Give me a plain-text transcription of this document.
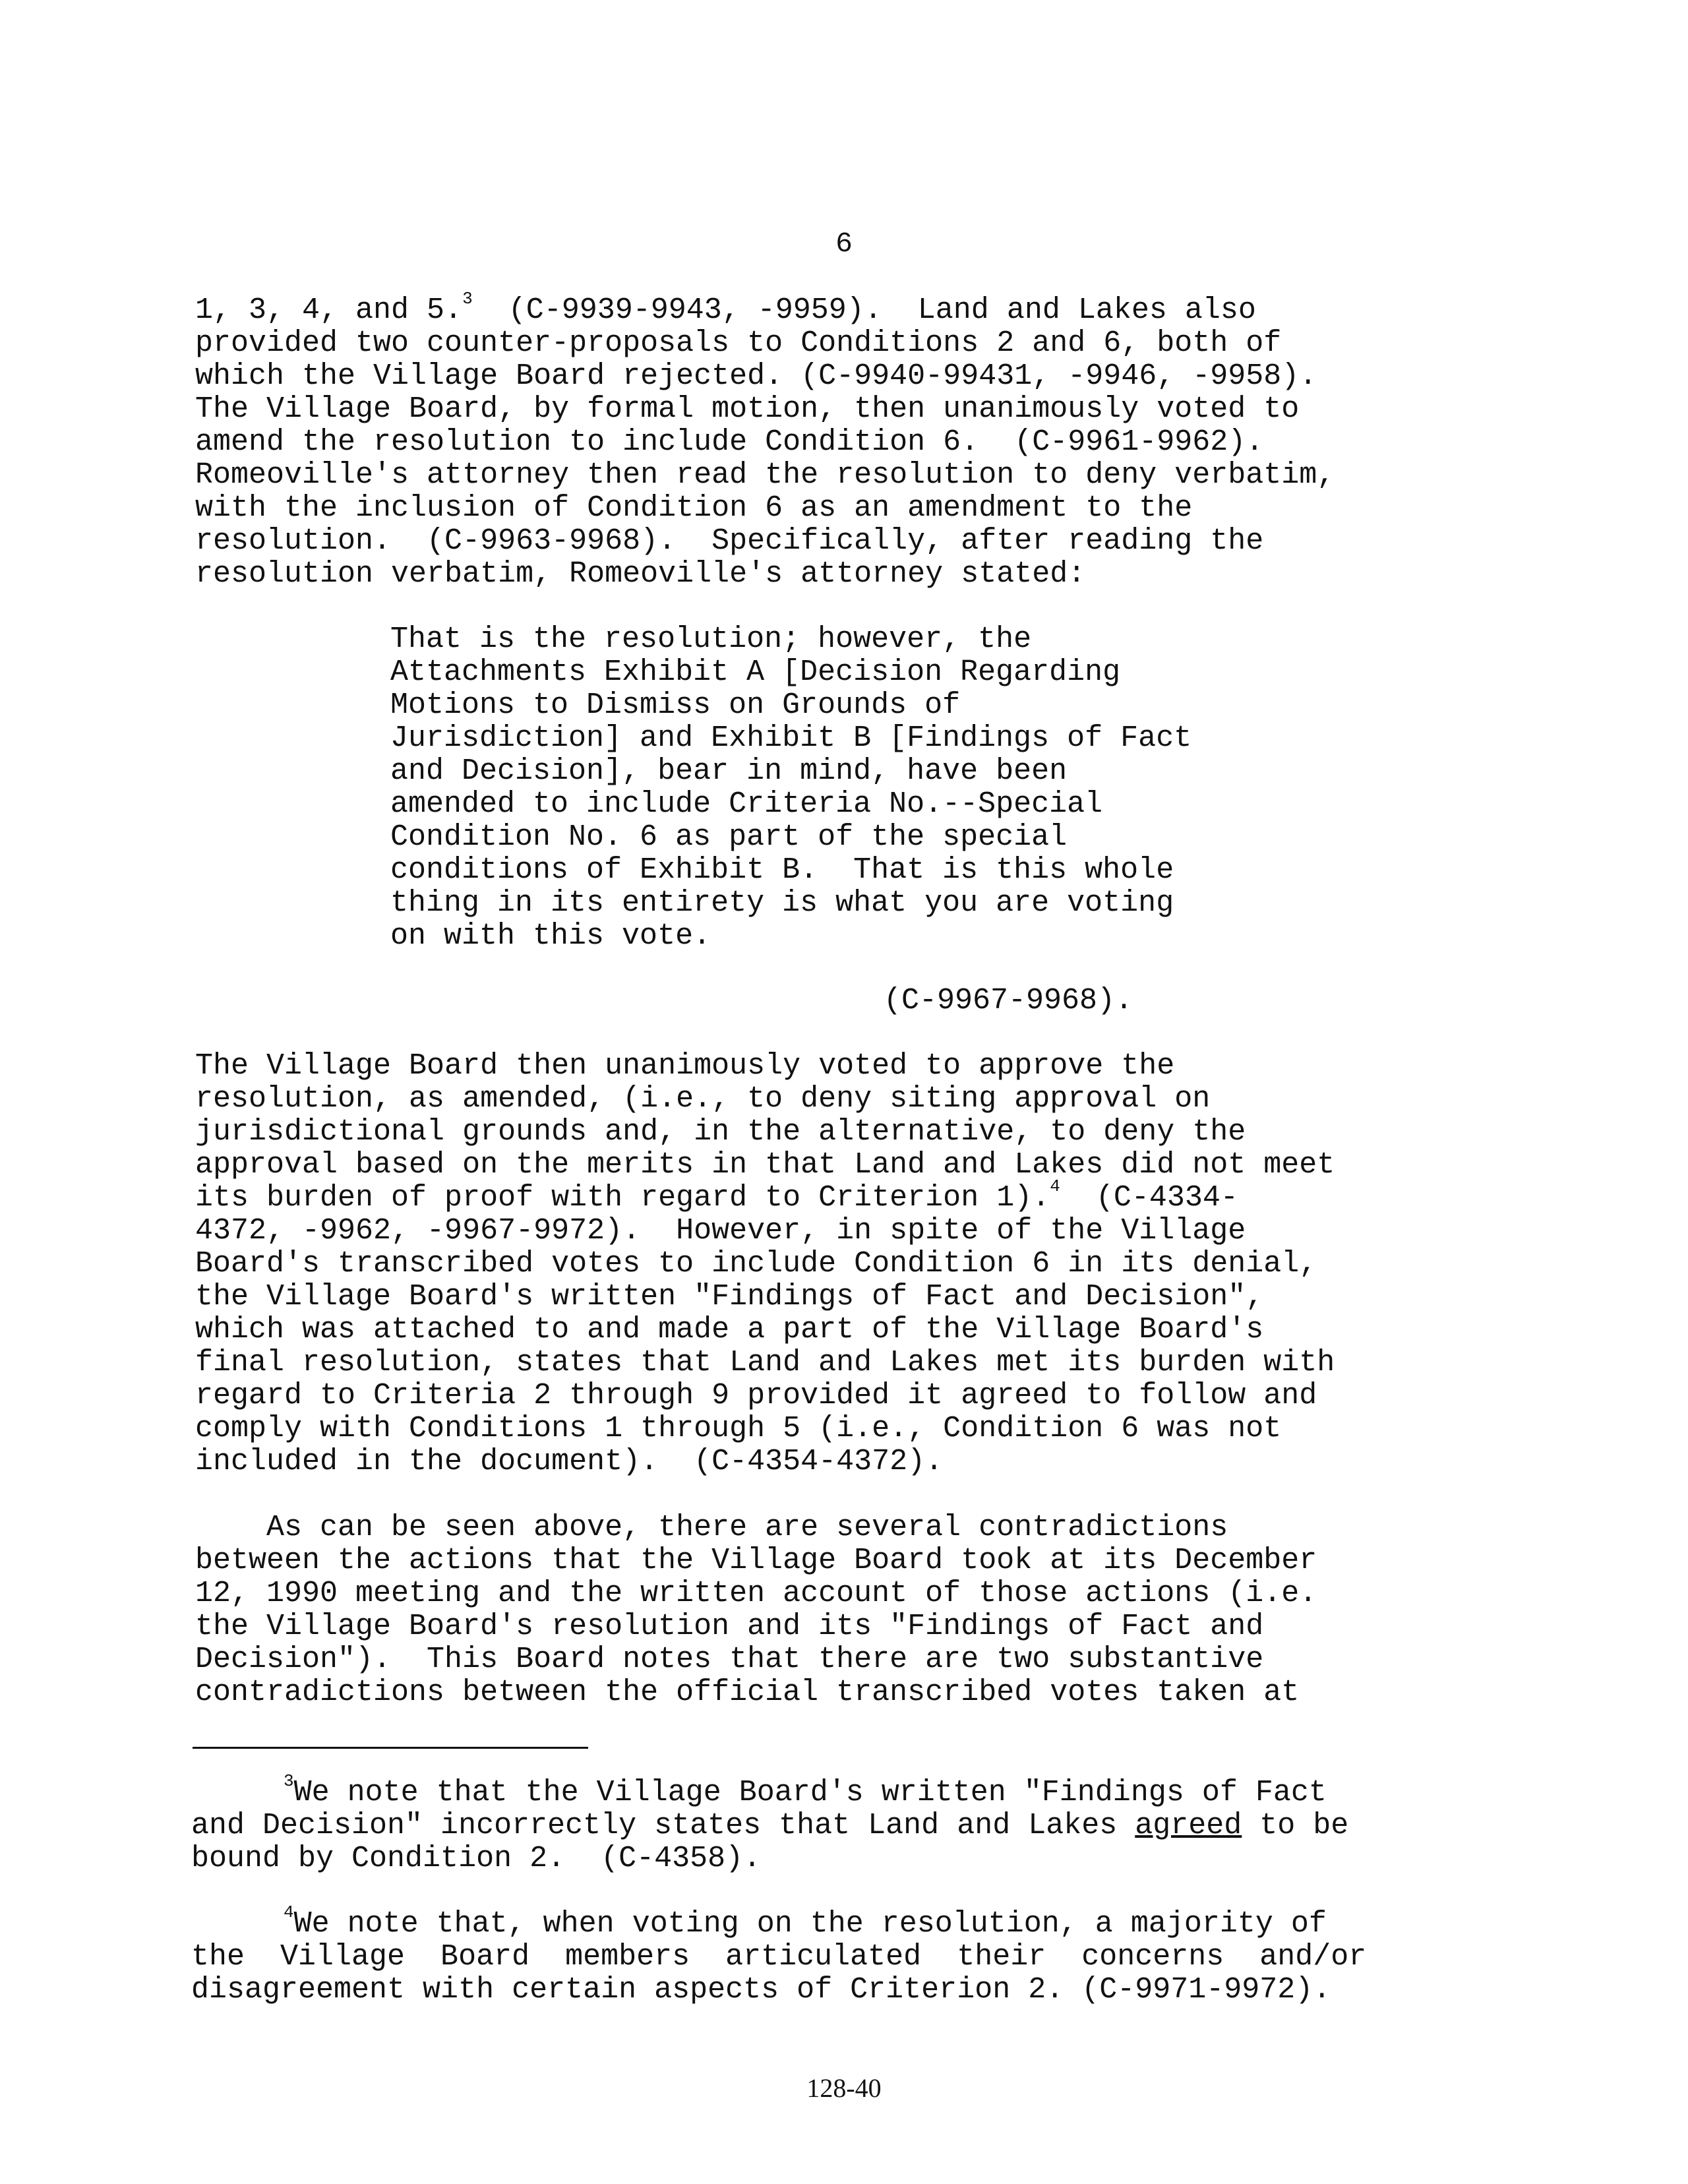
6
1, 3, 4, and 5.$^3$  (C-9939-9943, -9959).  Land and Lakes also
provided two counter-proposals to Conditions 2 and 6, both of
which the Village Board rejected. (C-9940-99431, -9946, -9958).
The Village Board, by formal motion, then unanimously voted to
amend the resolution to include Condition 6.  (C-9961-9962).
Romeoville's attorney then read the resolution to deny verbatim,
with the inclusion of Condition 6 as an amendment to the
resolution.  (C-9963-9968).  Specifically, after reading the
resolution verbatim, Romeoville's attorney stated:
That is the resolution; however, the
Attachments Exhibit A [Decision Regarding
Motions to Dismiss on Grounds of
Jurisdiction] and Exhibit B [Findings of Fact
and Decision], bear in mind, have been
amended to include Criteria No.--Special
Condition No. 6 as part of the special
conditions of Exhibit B.  That is this whole
thing in its entirety is what you are voting
on with this vote.
(C-9967-9968).
The Village Board then unanimously voted to approve the
resolution, as amended, (i.e., to deny siting approval on
jurisdictional grounds and, in the alternative, to deny the
approval based on the merits in that Land and Lakes did not meet
its burden of proof with regard to Criterion 1).$^4$  (C-4334-
4372, -9962, -9967-9972).  However, in spite of the Village
Board's transcribed votes to include Condition 6 in its denial,
the Village Board's written "Findings of Fact and Decision",
which was attached to and made a part of the Village Board's
final resolution, states that Land and Lakes met its burden with
regard to Criteria 2 through 9 provided it agreed to follow and
comply with Conditions 1 through 5 (i.e., Condition 6 was not
included in the document).  (C-4354-4372).
As can be seen above, there are several contradictions
between the actions that the Village Board took at its December
12, 1990 meeting and the written account of those actions (i.e.
the Village Board's resolution and its "Findings of Fact and
Decision").  This Board notes that there are two substantive
contradictions between the official transcribed votes taken at
$^3$We note that the Village Board's written "Findings of Fact
and Decision" incorrectly states that Land and Lakes agreed to be
bound by Condition 2.  (C-4358).
$^4$We note that, when voting on the resolution, a majority of
the  Village  Board  members  articulated  their  concerns  and/or
disagreement with certain aspects of Criterion 2. (C-9971-9972).
128-40
